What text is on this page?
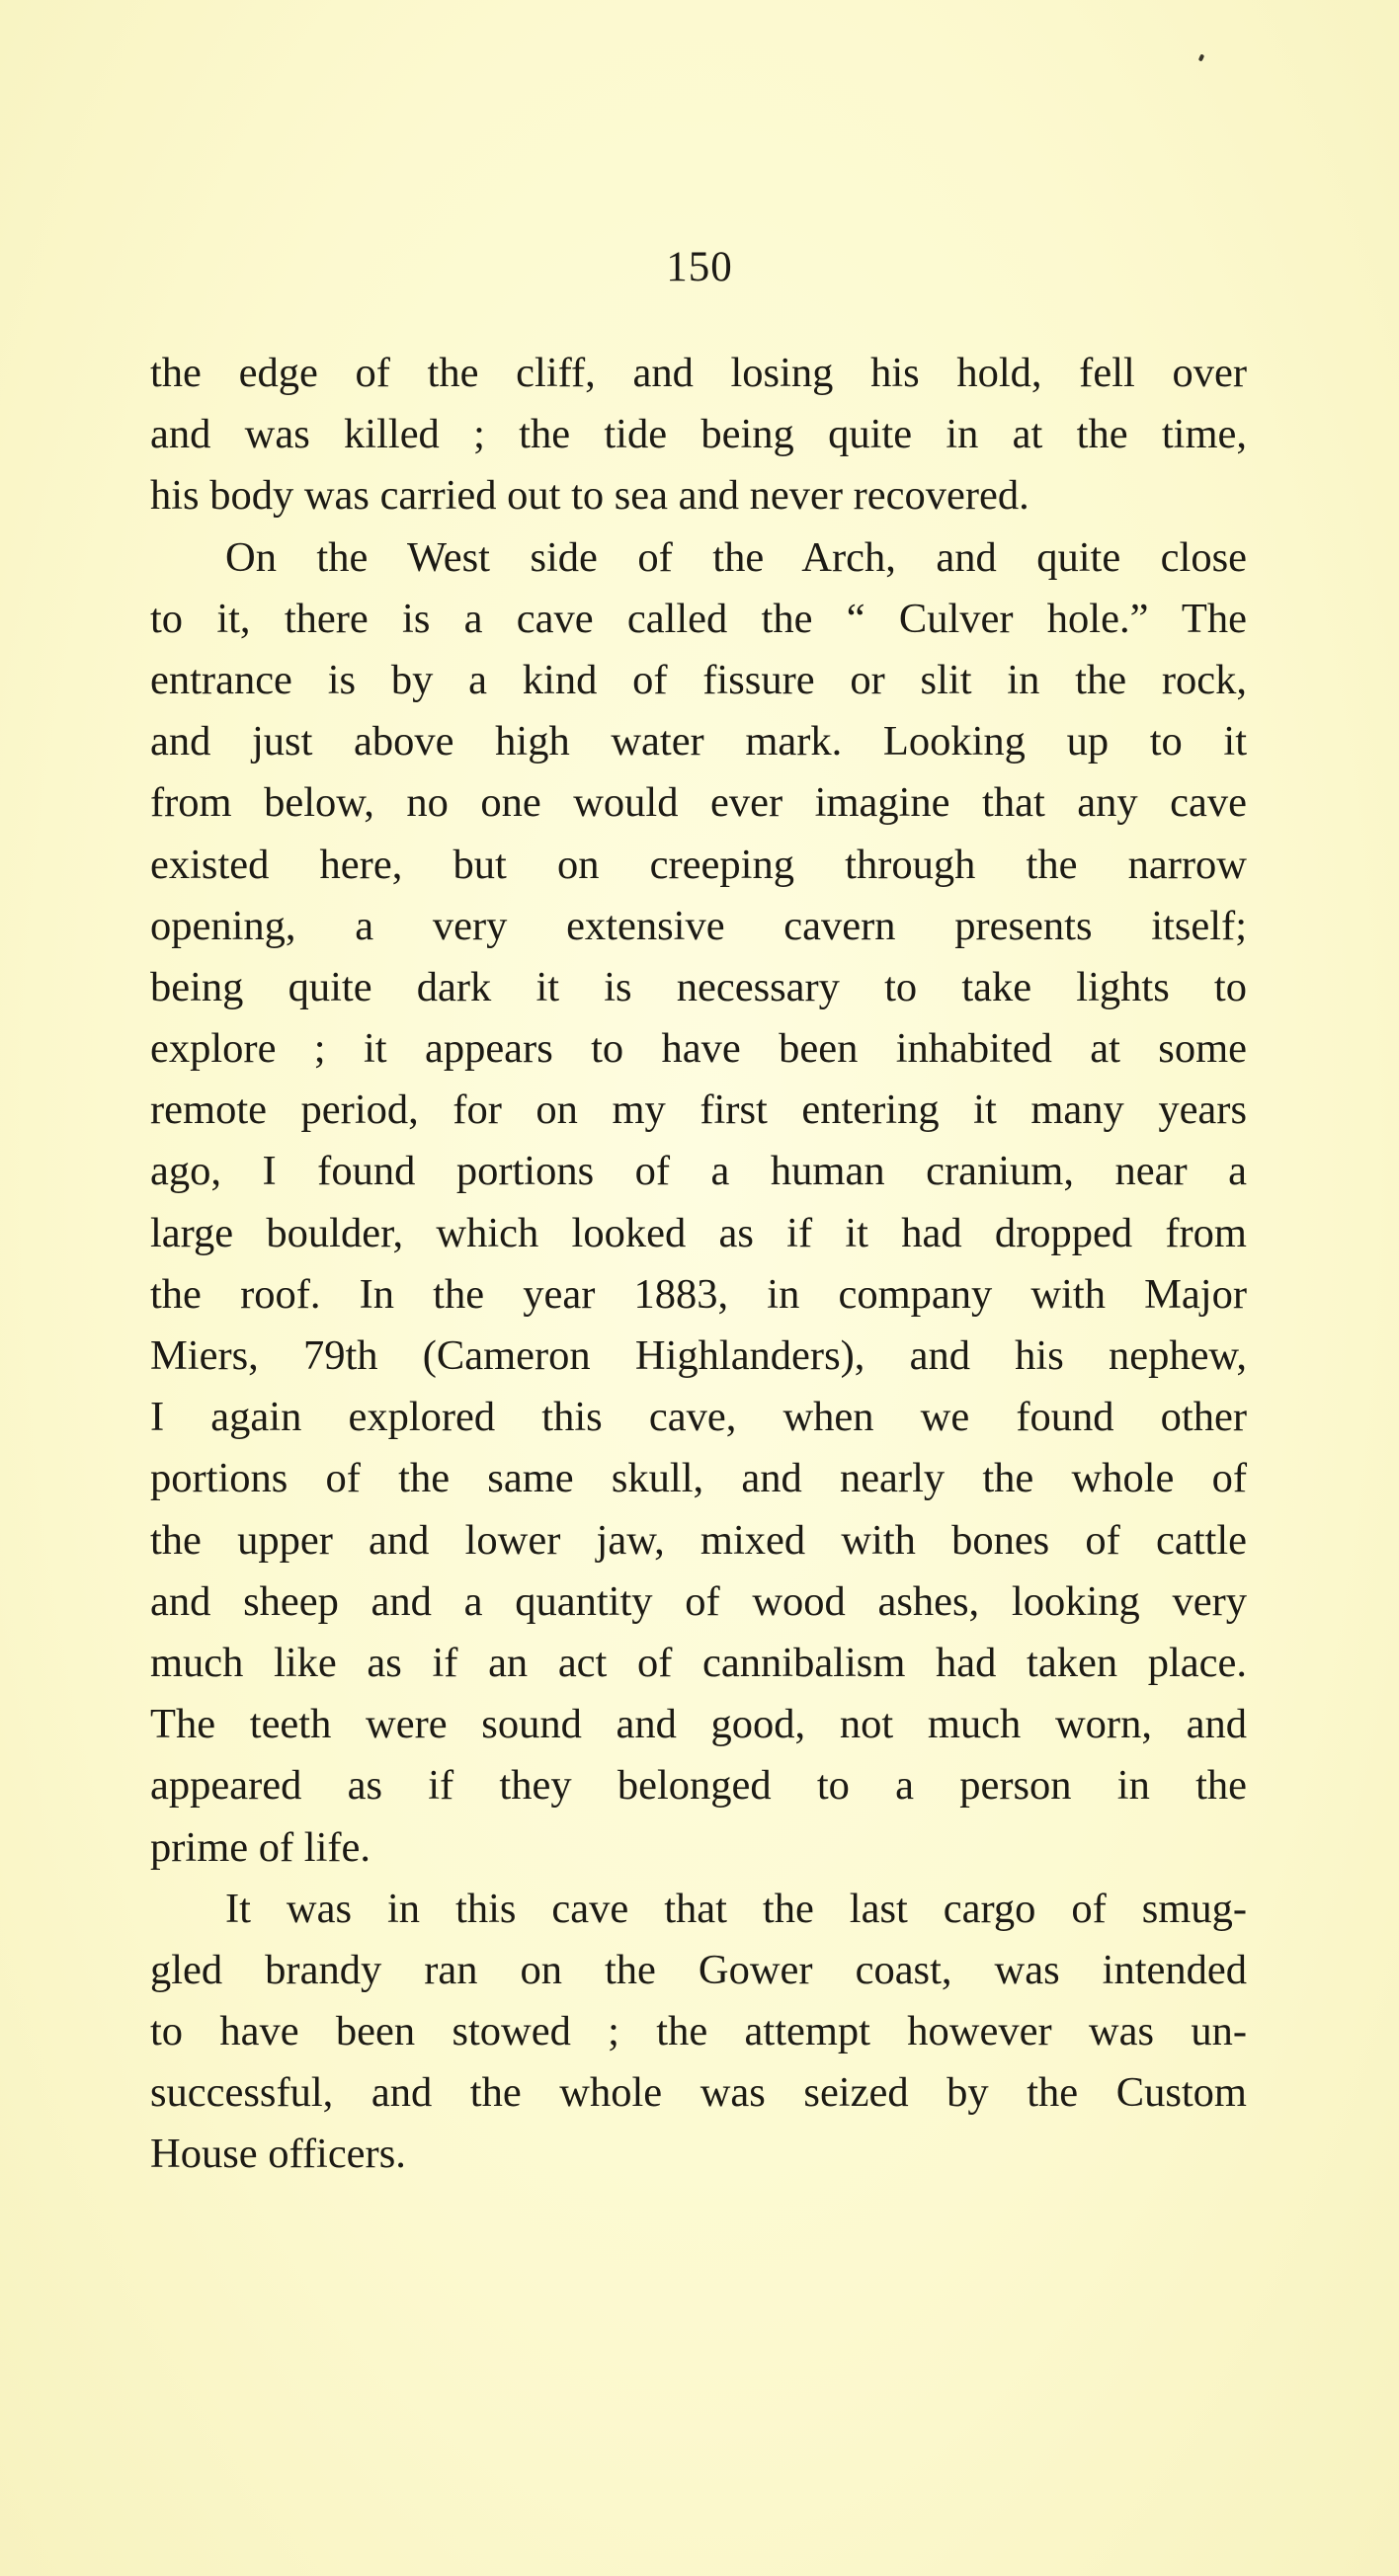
150
the edge of the cliff, and losing his hold, fell over
and was killed ; the tide being quite in at the time,
his body was carried out to sea and never recovered.
On the West side of the Arch, and quite close
to it, there is a cave called the “ Culver hole.” The
entrance is by a kind of fissure or slit in the rock,
and just above high water mark. Looking up to it
from below, no one would ever imagine that any cave
existed here, but on creeping through the narrow
opening, a very extensive cavern presents itself;
being quite dark it is necessary to take lights to
explore ; it appears to have been inhabited at some
remote period, for on my first entering it many years
ago, I found portions of a human cranium, near a
large boulder, which looked as if it had dropped from
the roof. In the year 1883, in company with Major
Miers, 79th (Cameron Highlanders), and his nephew,
I again explored this cave, when we found other
portions of the same skull, and nearly the whole of
the upper and lower jaw, mixed with bones of cattle
and sheep and a quantity of wood ashes, looking very
much like as if an act of cannibalism had taken place.
The teeth were sound and good, not much worn, and
appeared as if they belonged to a person in the
prime of life.
It was in this cave that the last cargo of smug-
gled brandy ran on the Gower coast, was intended
to have been stowed ; the attempt however was un-
successful, and the whole was seized by the Custom
House officers.
